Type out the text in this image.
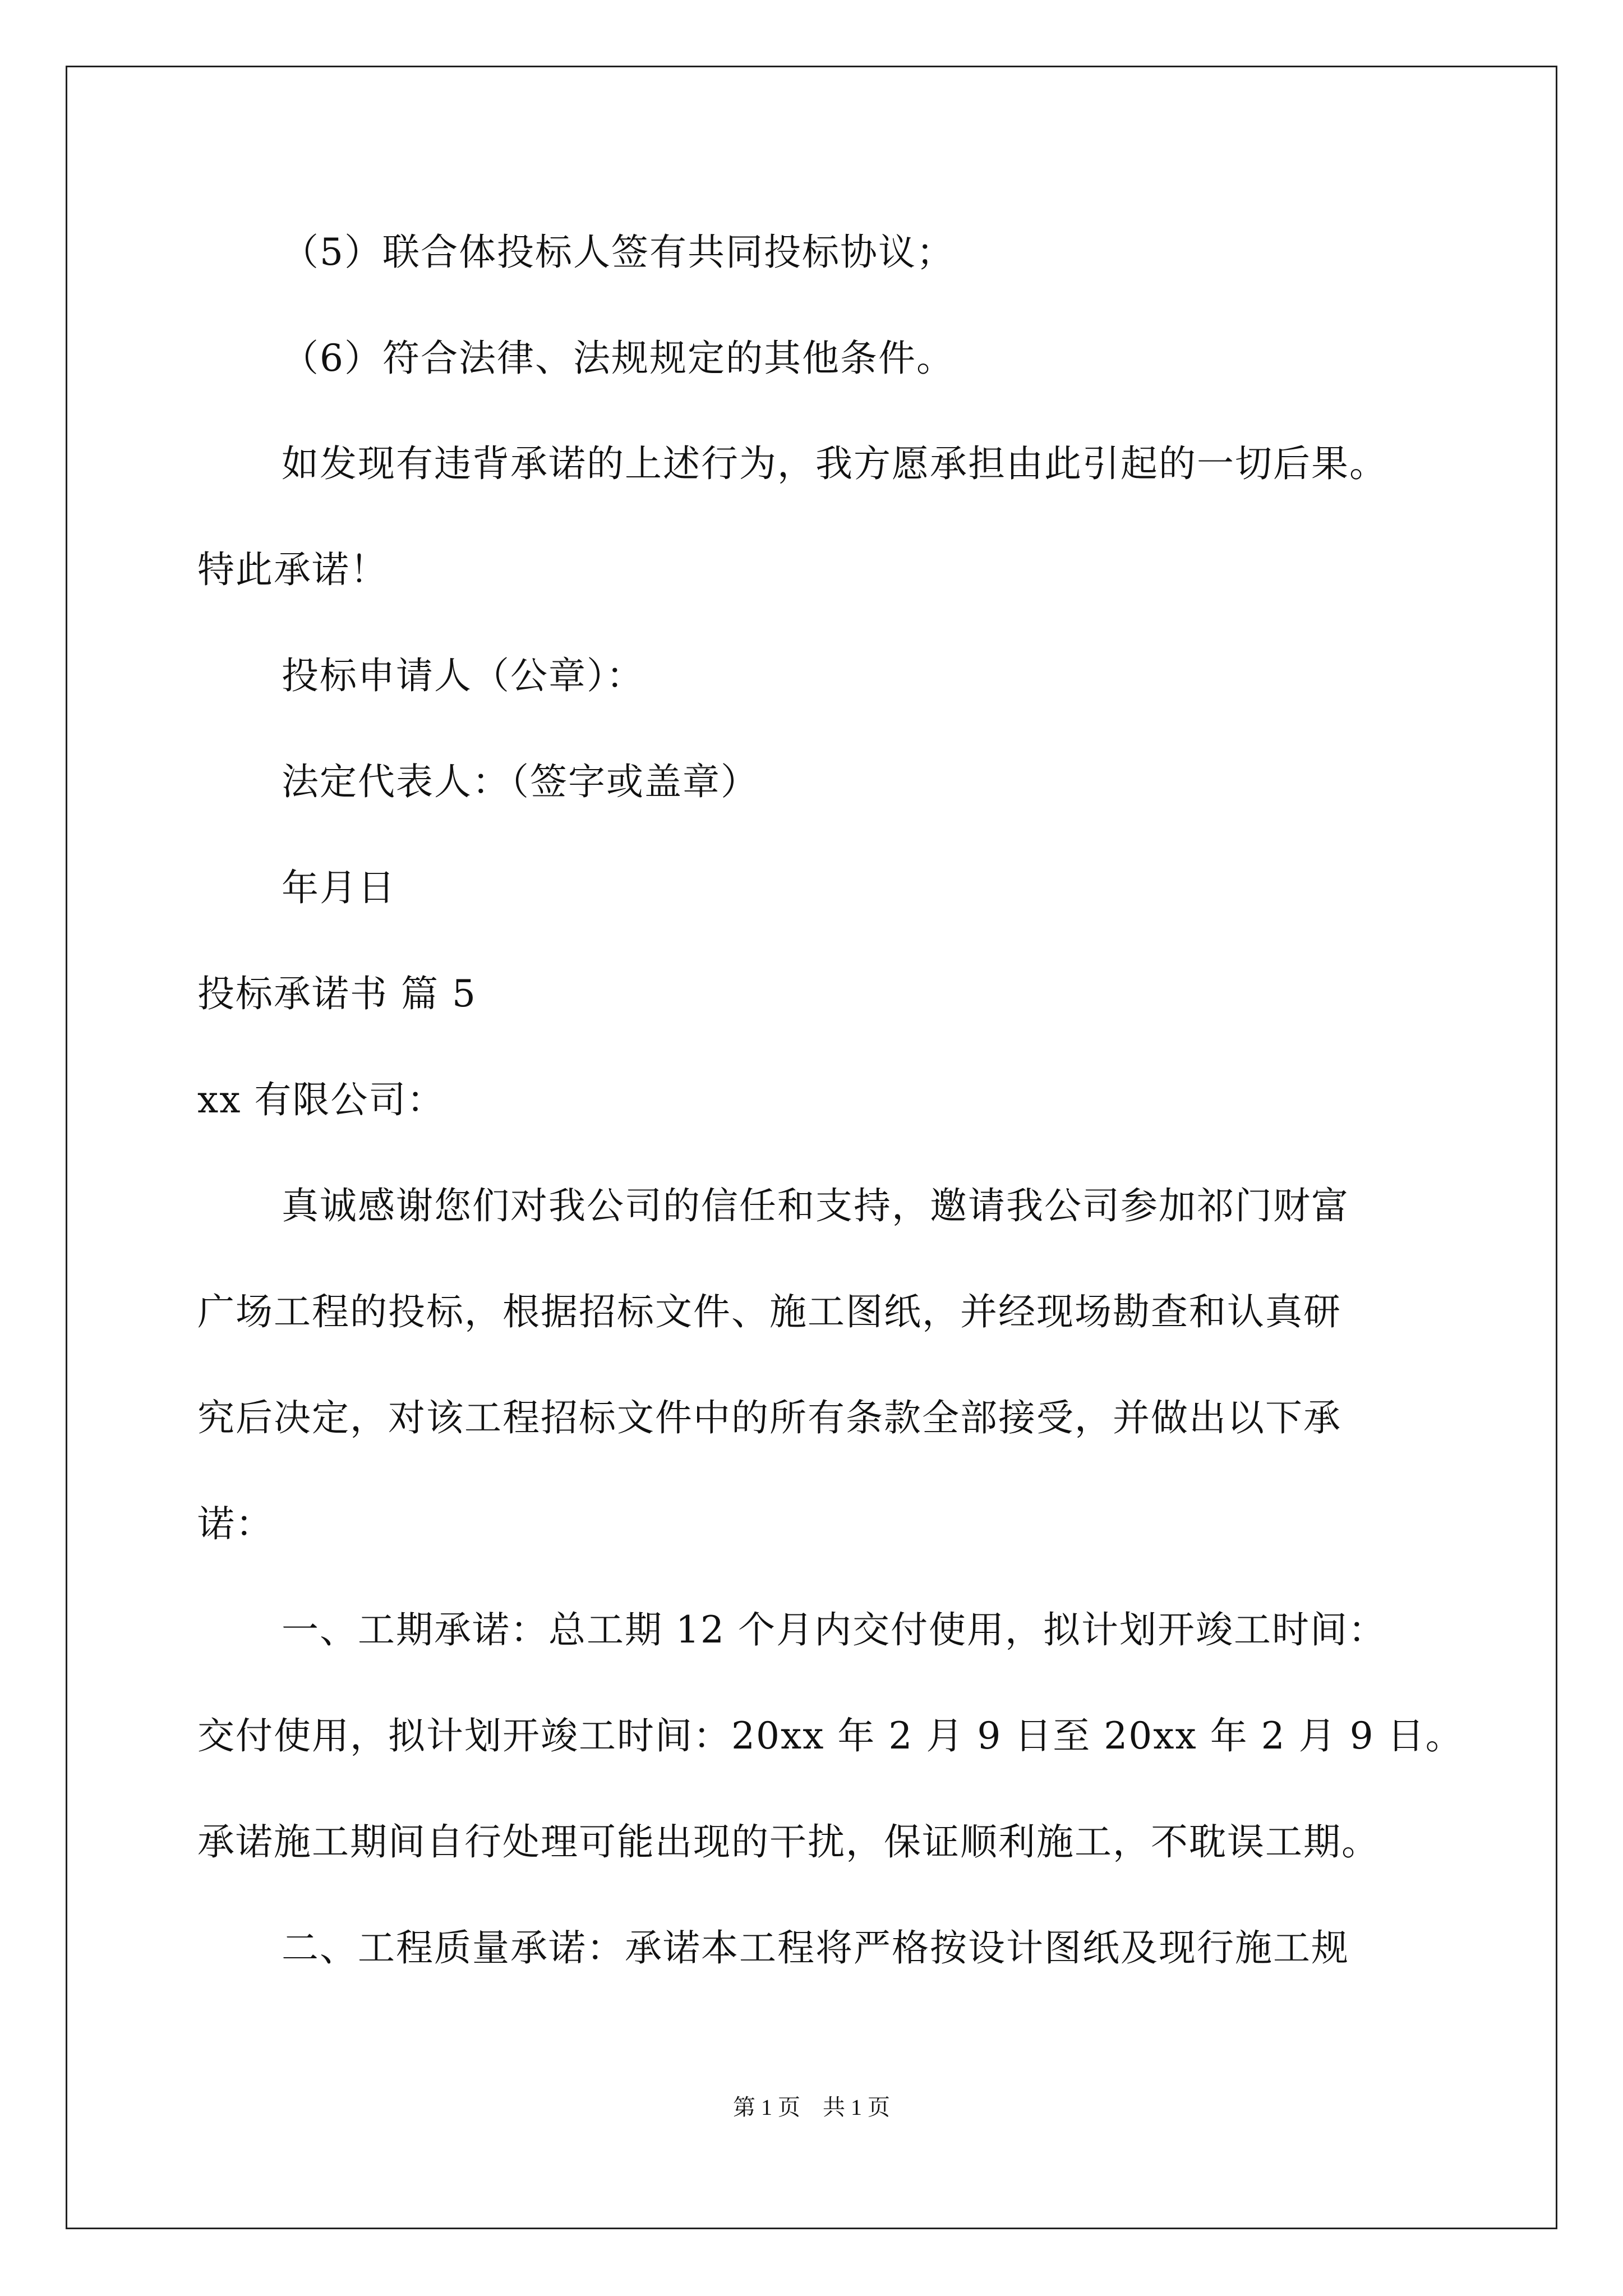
（5）联合体投标人签有共同投标协议；
（6）符合法律、法规规定的其他条件。
如发现有违背承诺的上述行为，我方愿承担由此引起的一切后果。
特此承诺！
投标申请人（公章）：
法定代表人：（签字或盖章）
年月日
投标承诺书 篇 5
xx 有限公司：
真诚感谢您们对我公司的信任和支持，邀请我公司参加祁门财富
广场工程的投标，根据招标文件、施工图纸，并经现场勘查和认真研
究后决定，对该工程招标文件中的所有条款全部接受，并做出以下承
诺：
一、工期承诺：总工期 12 个月内交付使用，拟计划开竣工时间：
交付使用，拟计划开竣工时间：20xx 年 2 月 9 日至 20xx 年 2 月 9 日。
承诺施工期间自行处理可能出现的干扰，保证顺利施工，不耽误工期。
二、工程质量承诺：承诺本工程将严格按设计图纸及现行施工规
第 1 页　共 1 页
